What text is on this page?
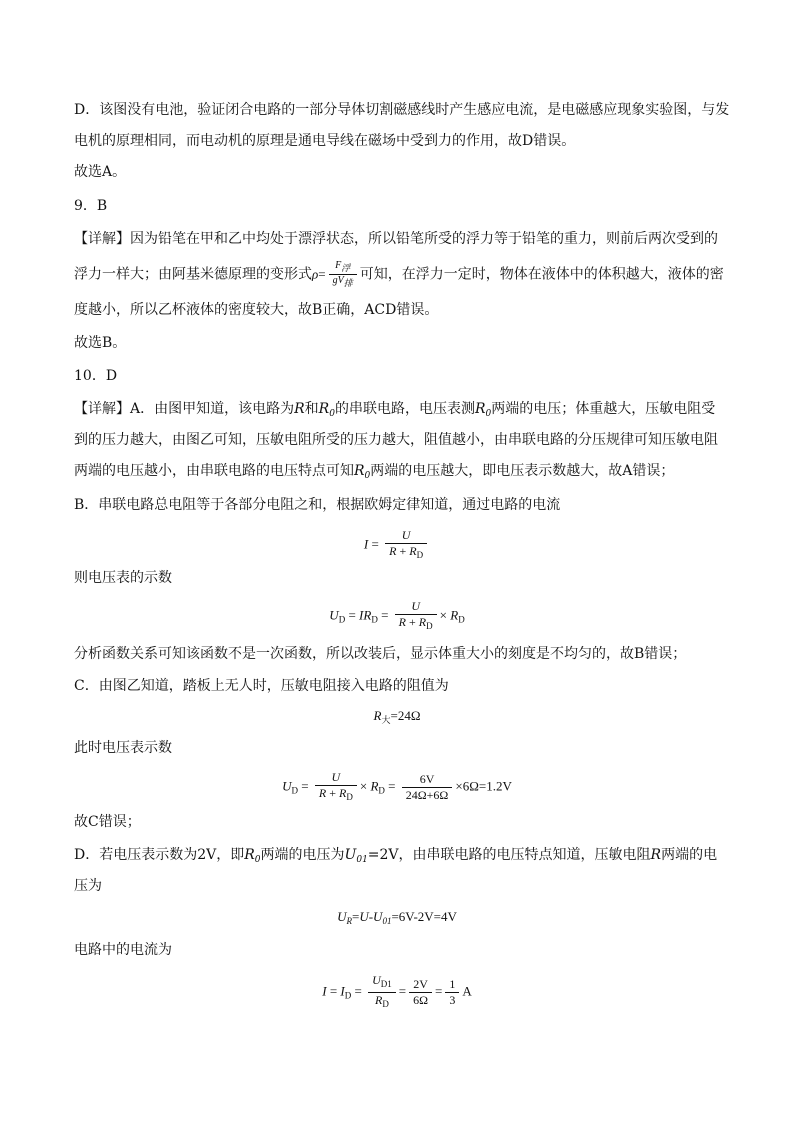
D．该图没有电池，验证闭合电路的一部分导体切割磁感线时产生感应电流，是电磁感应现象实验图，与发
电机的原理相同，而电动机的原理是通电导线在磁场中受到力的作用，故D错误。
故选A。
9．B
【详解】因为铅笔在甲和乙中均处于漂浮状态，所以铅笔所受的浮力等于铅笔的重力，则前后两次受到的
浮力一样大；由阿基米德原理的变形式$\rho= \frac{\text{F浮}}{\text{gV排}}$ 可知，在浮力一定时，物体在液体中的体积越大，液体的密
度越小，所以乙杯液体的密度较大，故B正确，ACD错误。
故选B。
10．D
【详解】A．由图甲知道，该电路为R和$R_0$的串联电路，电压表测$R_0$两端的电压；体重越大，压敏电阻受
到的压力越大，由图乙可知，压敏电阻所受的压力越大，阻值越小，由串联电路的分压规律可知压敏电阻
两端的电压越小，由串联电路的电压特点可知$R_0$两端的电压越大，即电压表示数越大，故A错误；
B．串联电路总电阻等于各部分电阻之和，根据欧姆定律知道，通过电路的电流
$I = \frac{U}{R + R_D}$
则电压表的示数
$U_D = IR_D = \frac{U}{R + R_D} \times R_D$
分析函数关系可知该函数不是一次函数，所以改装后，显示体重大小的刻度是不均匀的，故B错误；
C．由图乙知道，踏板上无人时，压敏电阻接入电路的阻值为
$R_大=24\Omega$
此时电压表示数
$U_D = \frac{U}{R + R_D} \times R_D = \frac{6V}{24\Omega+6\Omega} \times 6\Omega=1.2V$
故C错误；
D．若电压表示数为2V，即$R_0$两端的电压为$U_{01}=2V$，由串联电路的电压特点知道，压敏电阻R两端的电
压为
$U_R=U-U_{01}=6V-2V=4V$
电路中的电流为
$I = I_D = \frac{U_{D1}}{R_D} = \frac{2V}{6\Omega} = \frac{1}{3}$ A
